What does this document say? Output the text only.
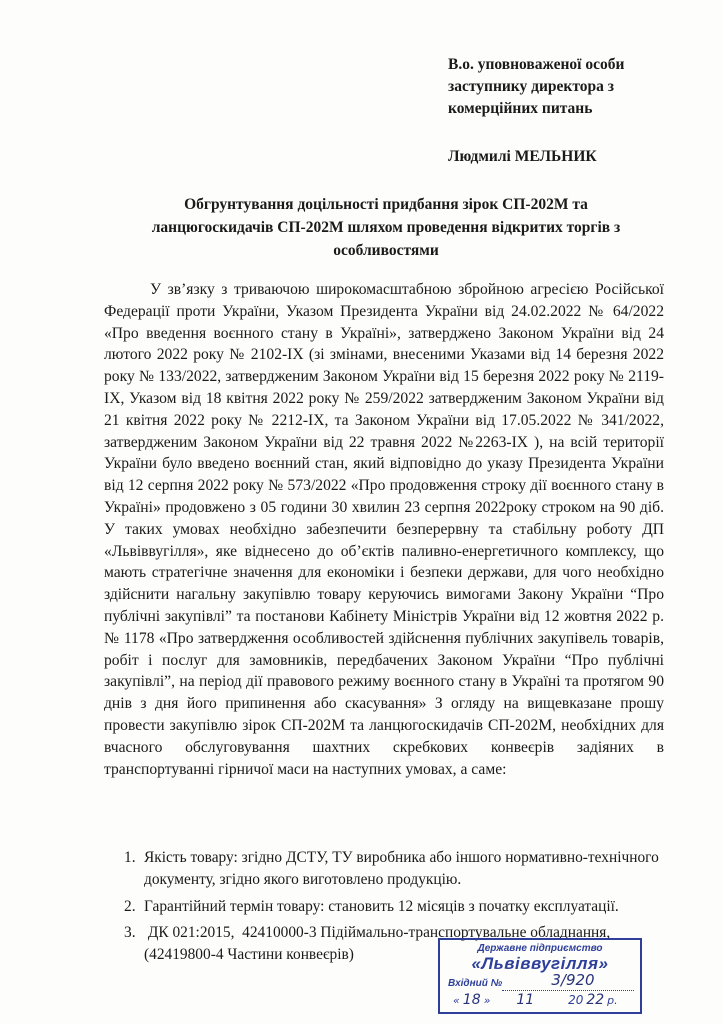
В.о. уповноваженої особи
заступнику директора з
комерційних питань
Людмилі МЕЛЬНИК
Обгрунтування доцільності придбання зірок СП-202М та
ланцюгоскидачів СП-202М шляхом проведення відкритих торгів з
особливостями

У зв’язку з триваючою широкомасштабною збройною агресією Російської Федерації проти України, Указом Президента України від 24.02.2022 № 64/2022 «Про введення воєнного стану в Україні», затверджено Законом України від 24 лютого 2022 року № 2102-IX (зі змінами, внесеними Указами від 14 березня 2022 року № 133/2022, затвердженим Законом України від 15 березня 2022 року № 2119-IX, Указом від 18 квітня 2022 року № 259/2022 затвердженим Законом України від 21 квітня 2022 року № 2212-IX, та Законом України від 17.05.2022 № 341/2022, затвердженим Законом України від 22 травня 2022 №2263-IX ), на всій території України було введено воєнний стан, який відповідно до указу Президента України від 12 серпня 2022 року № 573/2022 «Про продовження строку дії воєнного стану в Україні» продовжено з 05 години 30 хвилин 23 серпня 2022року строком на 90 діб. У таких умовах необхідно забезпечити безперервну та стабільну роботу ДП «Львіввугілля», яке віднесено до об’єктів паливно-енергетичного комплексу, що мають стратегічне значення для економіки і безпеки держави, для чого необхідно здійснити нагальну закупівлю товару керуючись вимогами Закону України “Про публічні закупівлі” та постанови Кабінету Міністрів України від 12 жовтня 2022 р. № 1178 «Про затвердження особливостей здійснення публічних закупівель товарів, робіт і послуг для замовників, передбачених Законом України “Про публічні закупівлі”, на період дії правового режиму воєнного стану в Україні та протягом 90 днів з дня його припинення або скасування» З огляду на вищевказане прошу провести закупівлю зірок СП-202М та ланцюгоскидачів СП-202М, необхідних для вчасного обслуговування шахтних скребкових конвеєрів задіяних в транспортуванні гірничої маси на наступних умовах, а саме:

1. Якість товару: згідно ДСТУ, ТУ виробника або іншого нормативно-технічного документу, згідно якого виготовлено продукцію.
2. Гарантійний термін товару: становить 12 місяців з початку експлуатації.
3. ДК 021:2015,  42410000-3 Підіймально-транспортувальне обладнання, (42419800-4 Частини конвеєрів)	Державне підприємство
«Львіввугілля»
Вхідний №	3/920
« 18 » 11	20 22 р.
